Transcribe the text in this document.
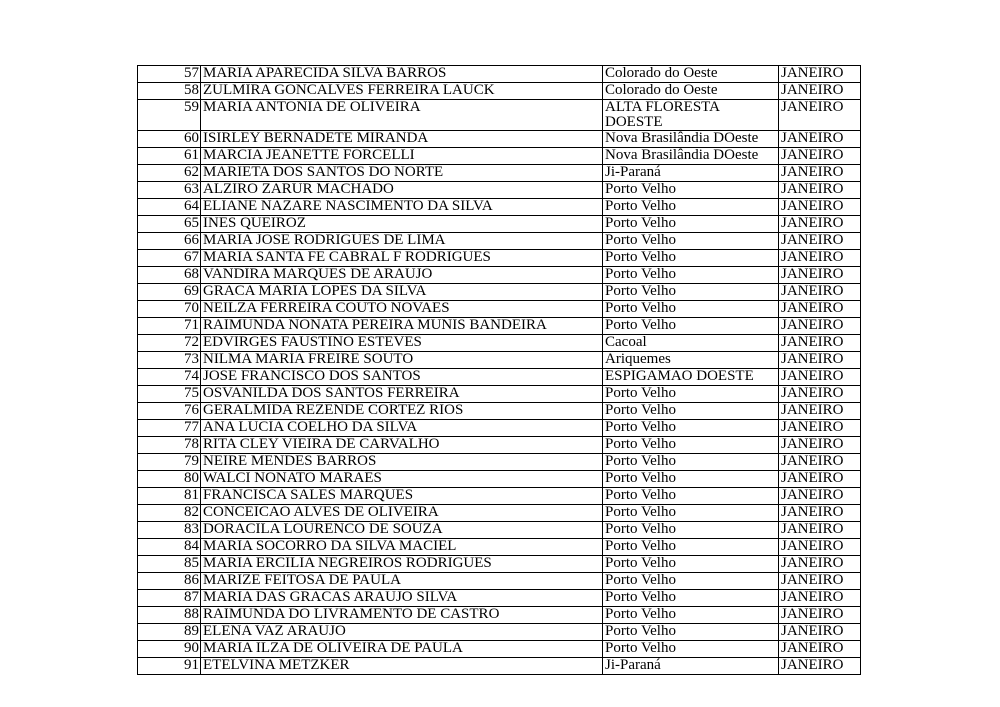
57	MARIA APARECIDA SILVA BARROS	Colorado do Oeste	JANEIRO
58	ZULMIRA GONCALVES FERREIRA LAUCK	Colorado do Oeste	JANEIRO
59	MARIA ANTONIA DE OLIVEIRA	ALTA FLORESTA DOESTE	JANEIRO
60	ISIRLEY BERNADETE MIRANDA	Nova Brasilândia DOeste	JANEIRO
61	MARCIA JEANETTE FORCELLI	Nova Brasilândia DOeste	JANEIRO
62	MARIETA DOS SANTOS DO NORTE	Ji-Paraná	JANEIRO
63	ALZIRO ZARUR MACHADO	Porto Velho	JANEIRO
64	ELIANE NAZARE NASCIMENTO DA SILVA	Porto Velho	JANEIRO
65	INES QUEIROZ	Porto Velho	JANEIRO
66	MARIA JOSE RODRIGUES DE LIMA	Porto Velho	JANEIRO
67	MARIA SANTA FE CABRAL F RODRIGUES	Porto Velho	JANEIRO
68	VANDIRA MARQUES DE ARAUJO	Porto Velho	JANEIRO
69	GRACA MARIA LOPES DA SILVA	Porto Velho	JANEIRO
70	NEILZA FERREIRA COUTO NOVAES	Porto Velho	JANEIRO
71	RAIMUNDA NONATA PEREIRA MUNIS BANDEIRA	Porto Velho	JANEIRO
72	EDVIRGES FAUSTINO ESTEVES	Cacoal	JANEIRO
73	NILMA MARIA FREIRE SOUTO	Ariquemes	JANEIRO
74	JOSE FRANCISCO DOS SANTOS	ESPIGAMAO DOESTE	JANEIRO
75	OSVANILDA DOS SANTOS FERREIRA	Porto Velho	JANEIRO
76	GERALMIDA REZENDE CORTEZ RIOS	Porto Velho	JANEIRO
77	ANA LUCIA COELHO DA SILVA	Porto Velho	JANEIRO
78	RITA CLEY VIEIRA DE CARVALHO	Porto Velho	JANEIRO
79	NEIRE MENDES BARROS	Porto Velho	JANEIRO
80	WALCI NONATO MARAES	Porto Velho	JANEIRO
81	FRANCISCA SALES MARQUES	Porto Velho	JANEIRO
82	CONCEICAO ALVES DE OLIVEIRA	Porto Velho	JANEIRO
83	DORACILA LOURENCO DE SOUZA	Porto Velho	JANEIRO
84	MARIA SOCORRO DA SILVA MACIEL	Porto Velho	JANEIRO
85	MARIA ERCILIA NEGREIROS RODRIGUES	Porto Velho	JANEIRO
86	MARIZE FEITOSA DE PAULA	Porto Velho	JANEIRO
87	MARIA DAS GRACAS ARAUJO SILVA	Porto Velho	JANEIRO
88	RAIMUNDA DO LIVRAMENTO DE CASTRO	Porto Velho	JANEIRO
89	ELENA VAZ ARAUJO	Porto Velho	JANEIRO
90	MARIA ILZA DE OLIVEIRA DE PAULA	Porto Velho	JANEIRO
91	ETELVINA METZKER	Ji-Paraná	JANEIRO
